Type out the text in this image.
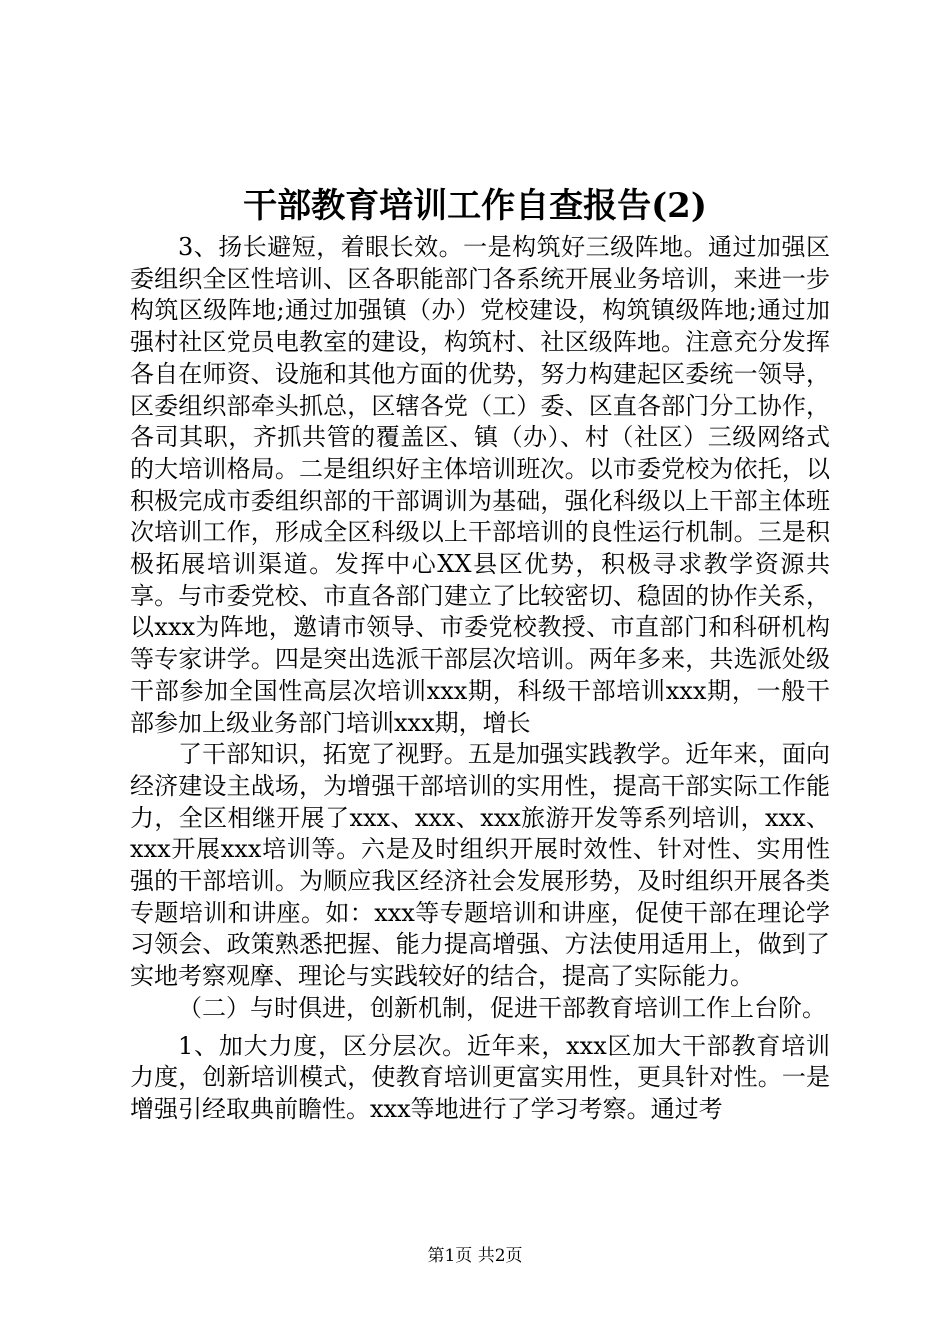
干部教育培训工作自查报告(2)

3、扬长避短，着眼长效。一是构筑好三级阵地。通过加强区委组织全区性培训、区各职能部门各系统开展业务培训，来进一步构筑区级阵地;通过加强镇（办）党校建设，构筑镇级阵地;通过加强村社区党员电教室的建设，构筑村、社区级阵地。注意充分发挥各自在师资、设施和其他方面的优势，努力构建起区委统一领导，区委组织部牵头抓总，区辖各党（工）委、区直各部门分工协作，各司其职，齐抓共管的覆盖区、镇（办）、村（社区）三级网络式的大培训格局。二是组织好主体培训班次。以市委党校为依托，以积极完成市委组织部的干部调训为基础，强化科级以上干部主体班次培训工作，形成全区科级以上干部培训的良性运行机制。三是积极拓展培训渠道。发挥中心XX县区优势，积极寻求教学资源共享。与市委党校、市直各部门建立了比较密切、稳固的协作关系，以xxx为阵地，邀请市领导、市委党校教授、市直部门和科研机构等专家讲学。四是突出选派干部层次培训。两年多来，共选派处级干部参加全国性高层次培训xxx期，科级干部培训xxx期，一般干部参加上级业务部门培训xxx期，增长

了干部知识，拓宽了视野。五是加强实践教学。近年来，面向经济建设主战场，为增强干部培训的实用性，提高干部实际工作能力，全区相继开展了xxx、xxx、xxx旅游开发等系列培训，xxx、xxx开展xxx培训等。六是及时组织开展时效性、针对性、实用性强的干部培训。为顺应我区经济社会发展形势，及时组织开展各类专题培训和讲座。如：xxx等专题培训和讲座，促使干部在理论学习领会、政策熟悉把握、能力提高增强、方法使用适用上，做到了实地考察观摩、理论与实践较好的结合，提高了实际能力。

（二）与时俱进，创新机制，促进干部教育培训工作上台阶。

1、加大力度，区分层次。近年来，xxx区加大干部教育培训力度，创新培训模式，使教育培训更富实用性，更具针对性。一是增强引经取典前瞻性。xxx等地进行了学习考察。通过考

第1页 共2页
